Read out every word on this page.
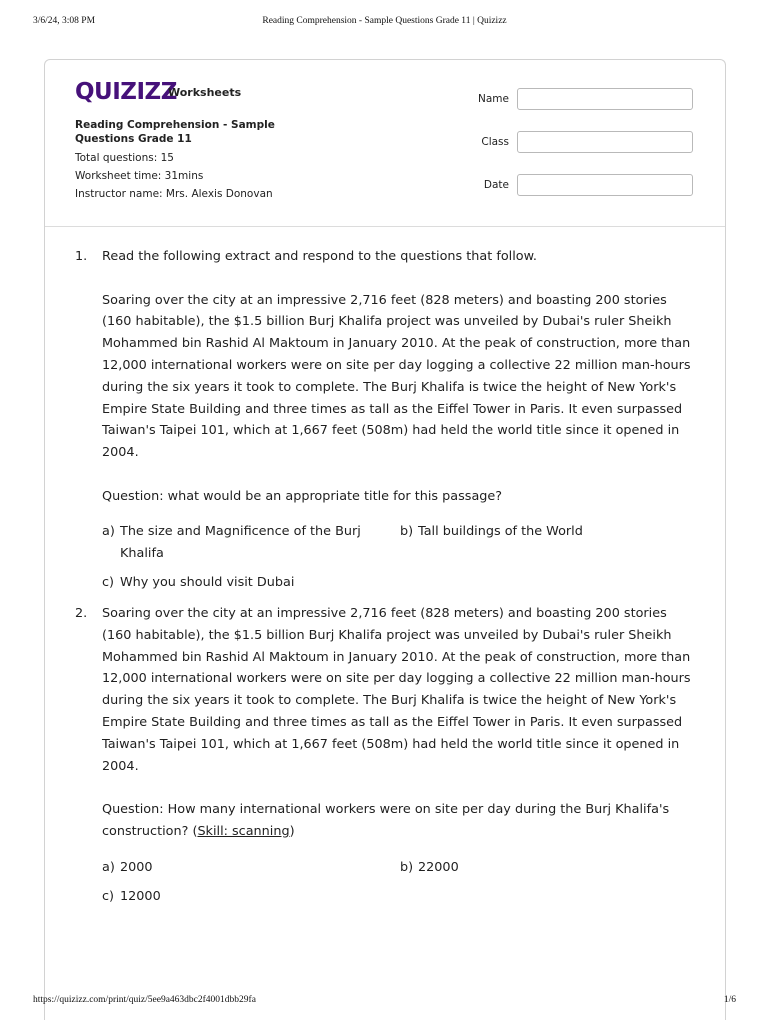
3/6/24, 3:08 PM	Reading Comprehension - Sample Questions Grade 11 | Quizizz
QUIZIZZ
Worksheets
Reading Comprehension - Sample Questions Grade 11
Total questions: 15
Worksheet time: 31mins
Instructor name: Mrs. Alexis Donovan
Name
Class
Date
1.	Read the following extract and respond to the questions that follow.

Soaring over the city at an impressive 2,716 feet (828 meters) and boasting 200 stories (160 habitable), the $1.5 billion Burj Khalifa project was unveiled by Dubai's ruler Sheikh Mohammed bin Rashid Al Maktoum in January 2010. At the peak of construction, more than 12,000 international workers were on site per day logging a collective 22 million man-hours during the six years it took to complete. The Burj Khalifa is twice the height of New York's Empire State Building and three times as tall as the Eiffel Tower in Paris. It even surpassed Taiwan's Taipei 101, which at 1,667 feet (508m) had held the world title since it opened in 2004.

Question: what would be an appropriate title for this passage?

a) The size and Magnificence of the Burj Khalifa
b) Tall buildings of the World
c) Why you should visit Dubai
2.	Soaring over the city at an impressive 2,716 feet (828 meters) and boasting 200 stories (160 habitable), the $1.5 billion Burj Khalifa project was unveiled by Dubai's ruler Sheikh Mohammed bin Rashid Al Maktoum in January 2010. At the peak of construction, more than 12,000 international workers were on site per day logging a collective 22 million man-hours during the six years it took to complete. The Burj Khalifa is twice the height of New York's Empire State Building and three times as tall as the Eiffel Tower in Paris. It even surpassed Taiwan's Taipei 101, which at 1,667 feet (508m) had held the world title since it opened in 2004.

Question: How many international workers were on site per day during the Burj Khalifa's construction? (Skill: scanning)

a) 2000	b) 22000
c) 12000
https://quizizz.com/print/quiz/5ee9a463dbc2f4001dbb29fa	1/6
